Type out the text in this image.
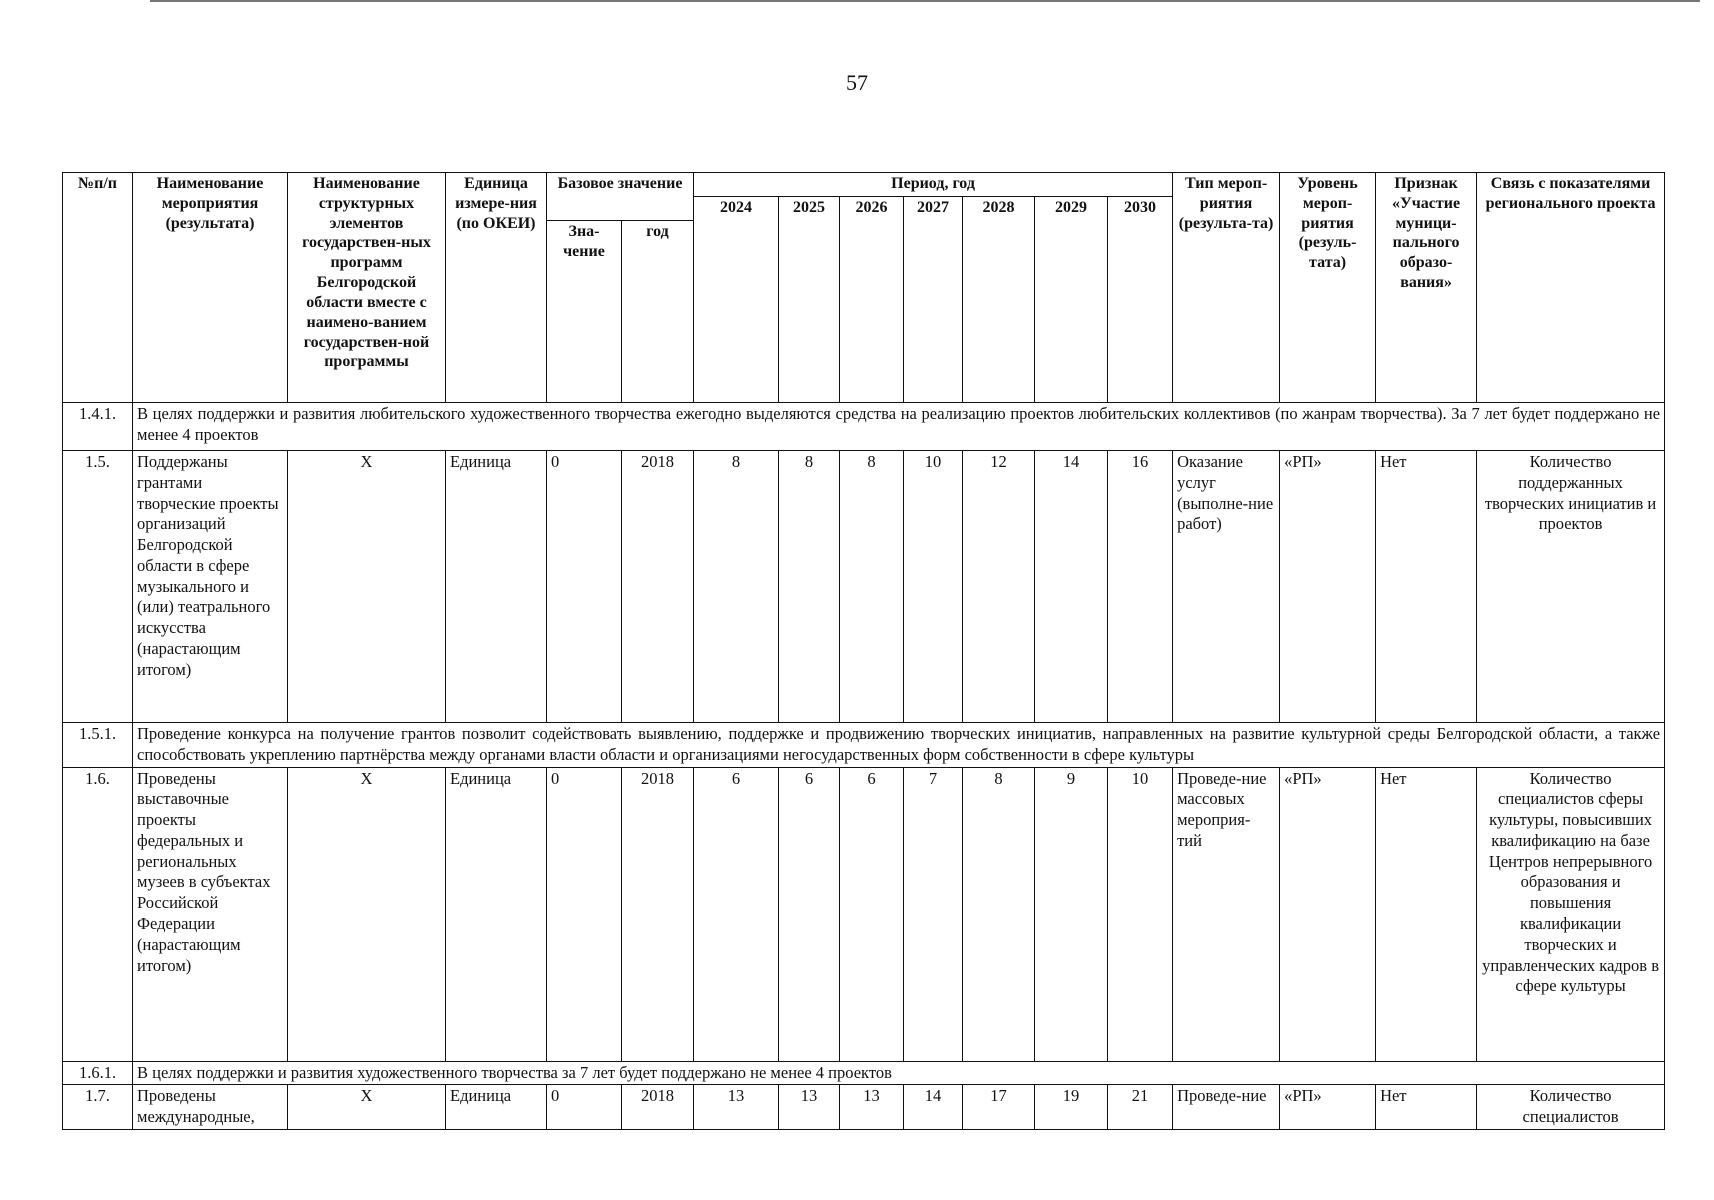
57
№п/п	Наименование мероприятия (результата)	Наименование структурных элементов государствен-ных программ Белгородской области вместе с наимено-ванием государствен-ной программы	Единица измере-ния (по ОКЕИ)	Базовое значение		Период, год							Тип мероп-риятия (результа-та)	Уровень мероп-риятия (резуль-тата)	Признак «Участие муници-пального образо-вания»	Связь с показателями регионального проекта
						2024	2025	2026	2027	2028	2029	2030				
				Зна-чение	год											
1.4.1.	В целях поддержки и развития любительского художественного творчества ежегодно выделяются средства на реализацию проектов любительских коллективов (по жанрам творчества). За 7 лет будет поддержано не менее 4 проектов															
1.5.	Поддержаны грантами творческие проекты организаций Белгородской области в сфере музыкального и (или) театрального искусства (нарастающим итогом)	Х	Единица	0	2018	8	8	8	10	12	14	16	Оказание услуг (выполне-ние работ)	«РП»	Нет	Количество поддержанных творческих инициатив и проектов
1.5.1.	Проведение конкурса на получение грантов позволит содействовать выявлению, поддержке и продвижению творческих инициатив, направленных на развитие культурной среды Белгородской области, а также способствовать укреплению партнёрства между органами власти области и организациями негосударственных форм собственности в сфере культуры															
1.6.	Проведены выставочные проекты федеральных и региональных музеев в субъектах Российской Федерации (нарастающим итогом)	Х	Единица	0	2018	6	6	6	7	8	9	10	Проведе-ние массовых мероприя-тий	«РП»	Нет	Количество специалистов сферы культуры, повысивших квалификацию на базе Центров непрерывного образования и повышения квалификации творческих и управленческих кадров в сфере культуры
1.6.1.	В целях поддержки и развития художественного творчества за 7 лет будет поддержано не менее 4 проектов															
1.7.	Проведены международные,	Х	Единица	0	2018	13	13	13	14	17	19	21	Проведе-ние	«РП»	Нет	Количество специалистов
